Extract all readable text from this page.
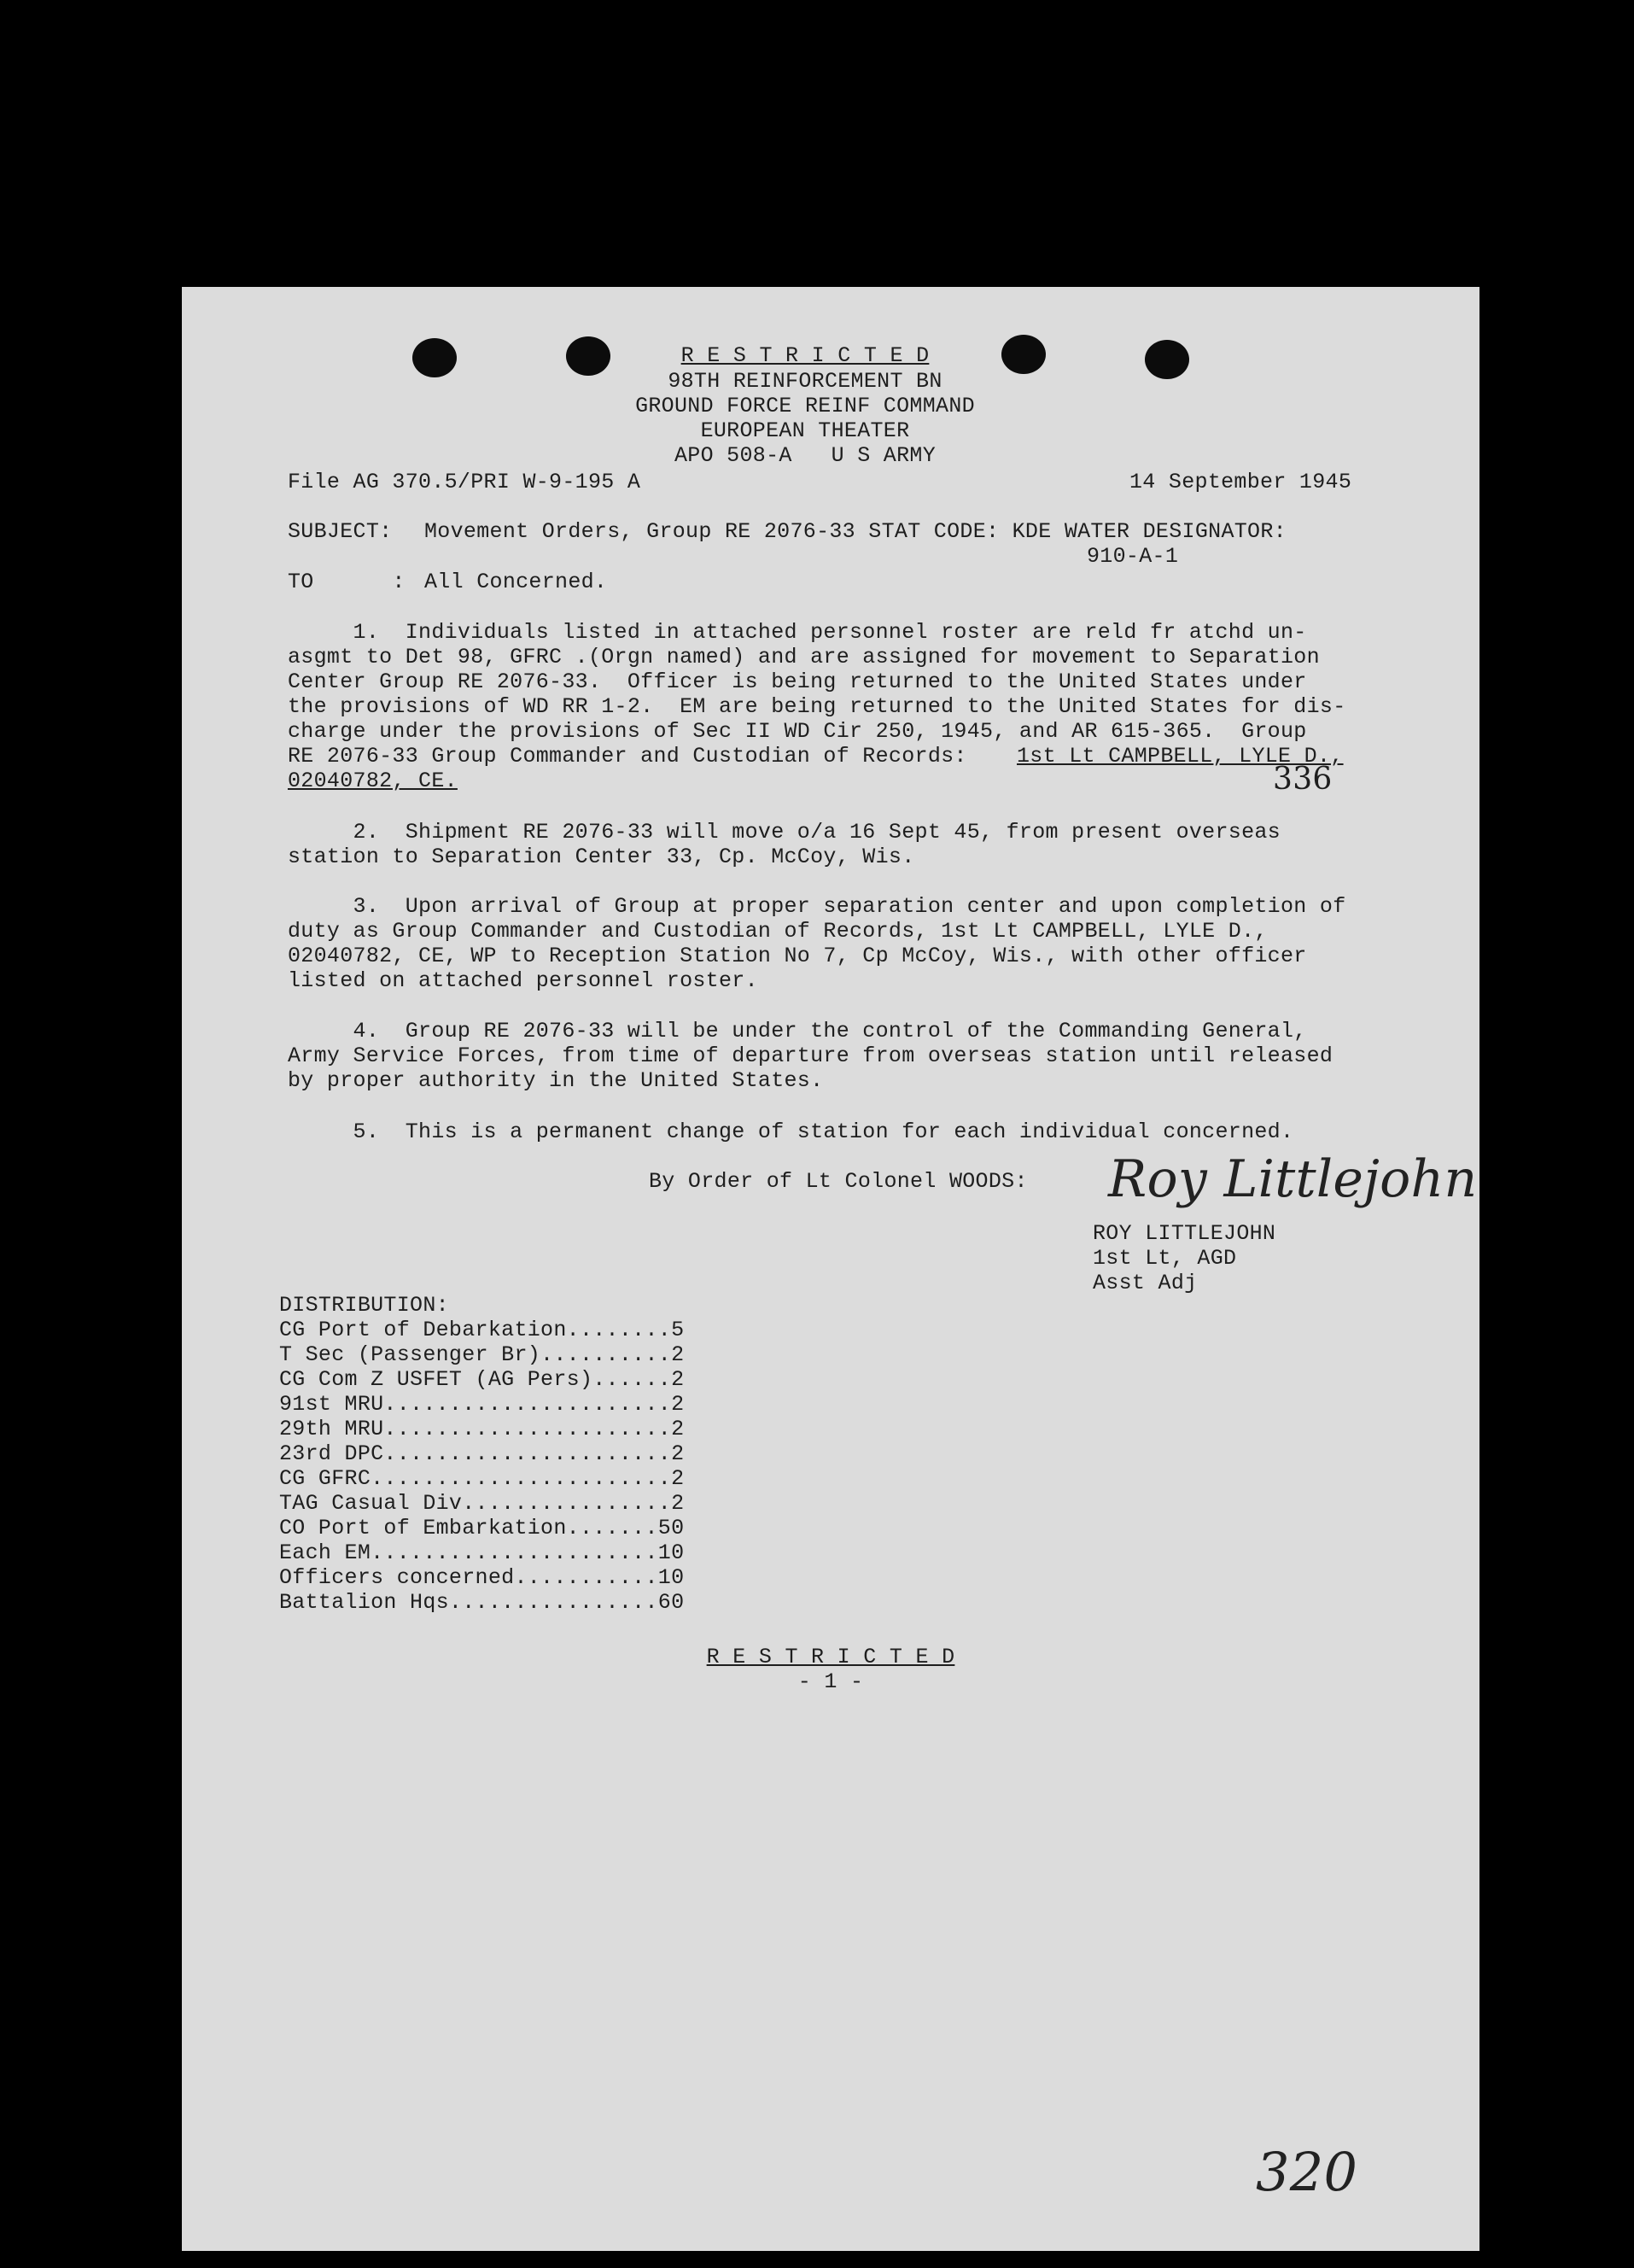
R E S T R I C T E D
98TH REINFORCEMENT BN
GROUND FORCE REINF COMMAND
EUROPEAN THEATER
APO 508-A   U S ARMY
File AG 370.5/PRI W-9-195 A	14 September 1945
SUBJECT: Movement Orders, Group RE 2076-33 STAT CODE: KDE WATER DESIGNATOR:
910-A-1
TO      : All Concerned.
1.  Individuals listed in attached personnel roster are reld fr atchd un-
asgmt to Det 98, GFRC .(Orgn named) and are assigned for movement to Separation
Center Group RE 2076-33.  Officer is being returned to the United States under
the provisions of WD RR 1-2.  EM are being returned to the United States for dis-
charge under the provisions of Sec II WD Cir 250, 1945, and AR 615-365.  Group
RE 2076-33 Group Commander and Custodian of Records:	1st Lt CAMPBELL, LYLE D.,
02040782, CE.	336
2.  Shipment RE 2076-33 will move o/a 16 Sept 45, from present overseas
station to Separation Center 33, Cp. McCoy, Wis.
3.  Upon arrival of Group at proper separation center and upon completion of
duty as Group Commander and Custodian of Records, 1st Lt CAMPBELL, LYLE D.,
02040782, CE, WP to Reception Station No 7, Cp McCoy, Wis., with other officer
listed on attached personnel roster.
4.  Group RE 2076-33 will be under the control of the Commanding General,
Army Service Forces, from time of departure from overseas station until released
by proper authority in the United States.
5.  This is a permanent change of station for each individual concerned.
By Order of Lt Colonel WOODS: Roy Littlejohn
ROY LITTLEJOHN
1st Lt, AGD
Asst Adj
DISTRIBUTION:
CG Port of Debarkation........5
T Sec (Passenger Br)..........2
CG Com Z USFET (AG Pers)......2
91st MRU......................2
29th MRU......................2
23rd DPC......................2
CG GFRC.......................2
TAG Casual Div................2
CO Port of Embarkation.......50
Each EM......................10
Officers concerned...........10
Battalion Hqs................60
R E S T R I C T E D
- 1 -
320
